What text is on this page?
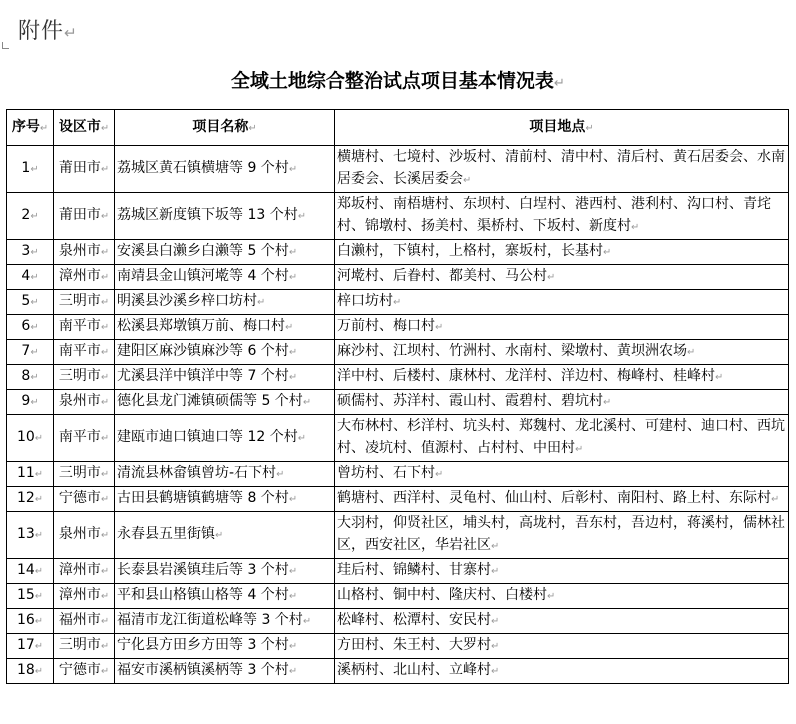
附件↵
全域土地综合整治试点项目基本情况表↵
序号↵	设区市↵	项目名称↵	项目地点↵
1↵	莆田市↵	荔城区黄石镇横塘等 9 个村↵	横塘村、七境村、沙坂村、清前村、清中村、清后村、黄石居委会、水南居委会、长溪居委会↵
2↵	莆田市↵	荔城区新度镇下坂等 13 个村↵	郑坂村、南梧塘村、东坝村、白埕村、港西村、港利村、沟口村、青垞村、锦墩村、扬美村、渠桥村、下坂村、新度村↵
3↵	泉州市↵	安溪县白濑乡白濑等 5 个村↵	白濑村，下镇村，上格村，寨坂村，长基村↵
4↵	漳州市↵	南靖县金山镇河墘等 4 个村↵	河墘村、后眷村、都美村、马公村↵
5↵	三明市↵	明溪县沙溪乡梓口坊村↵	梓口坊村↵
6↵	南平市↵	松溪县郑墩镇万前、梅口村↵	万前村、梅口村↵
7↵	南平市↵	建阳区麻沙镇麻沙等 6 个村↵	麻沙村、江坝村、竹洲村、水南村、梁墩村、黄坝洲农场↵
8↵	三明市↵	尤溪县洋中镇洋中等 7 个村↵	洋中村、后楼村、康林村、龙洋村、洋边村、梅峰村、桂峰村↵
9↵	泉州市↵	德化县龙门滩镇硕儒等 5 个村↵	硕儒村、苏洋村、霞山村、霞碧村、碧坑村↵
10↵	南平市↵	建瓯市迪口镇迪口等 12 个村↵	大布林村、杉洋村、坑头村、郑魏村、龙北溪村、可建村、迪口村、西坑村、凌坑村、值源村、占村村、中田村↵
11↵	三明市↵	清流县林畲镇曾坊-石下村↵	曾坊村、石下村↵
12↵	宁德市↵	古田县鹤塘镇鹤塘等 8 个村↵	鹤塘村、西洋村、灵龟村、仙山村、后彰村、南阳村、路上村、东际村↵
13↵	泉州市↵	永春县五里街镇↵	大羽村，仰贤社区，埔头村，高垅村，吾东村，吾边村，蒋溪村，儒林社区，西安社区，华岩社区↵
14↵	漳州市↵	长泰县岩溪镇珪后等 3 个村↵	珪后村、锦鳞村、甘寨村↵
15↵	漳州市↵	平和县山格镇山格等 4 个村↵	山格村、铜中村、隆庆村、白楼村↵
16↵	福州市↵	福清市龙江街道松峰等 3 个村↵	松峰村、松潭村、安民村↵
17↵	三明市↵	宁化县方田乡方田等 3 个村↵	方田村、朱王村、大罗村↵
18↵	宁德市↵	福安市溪柄镇溪柄等 3 个村↵	溪柄村、北山村、立峰村↵
